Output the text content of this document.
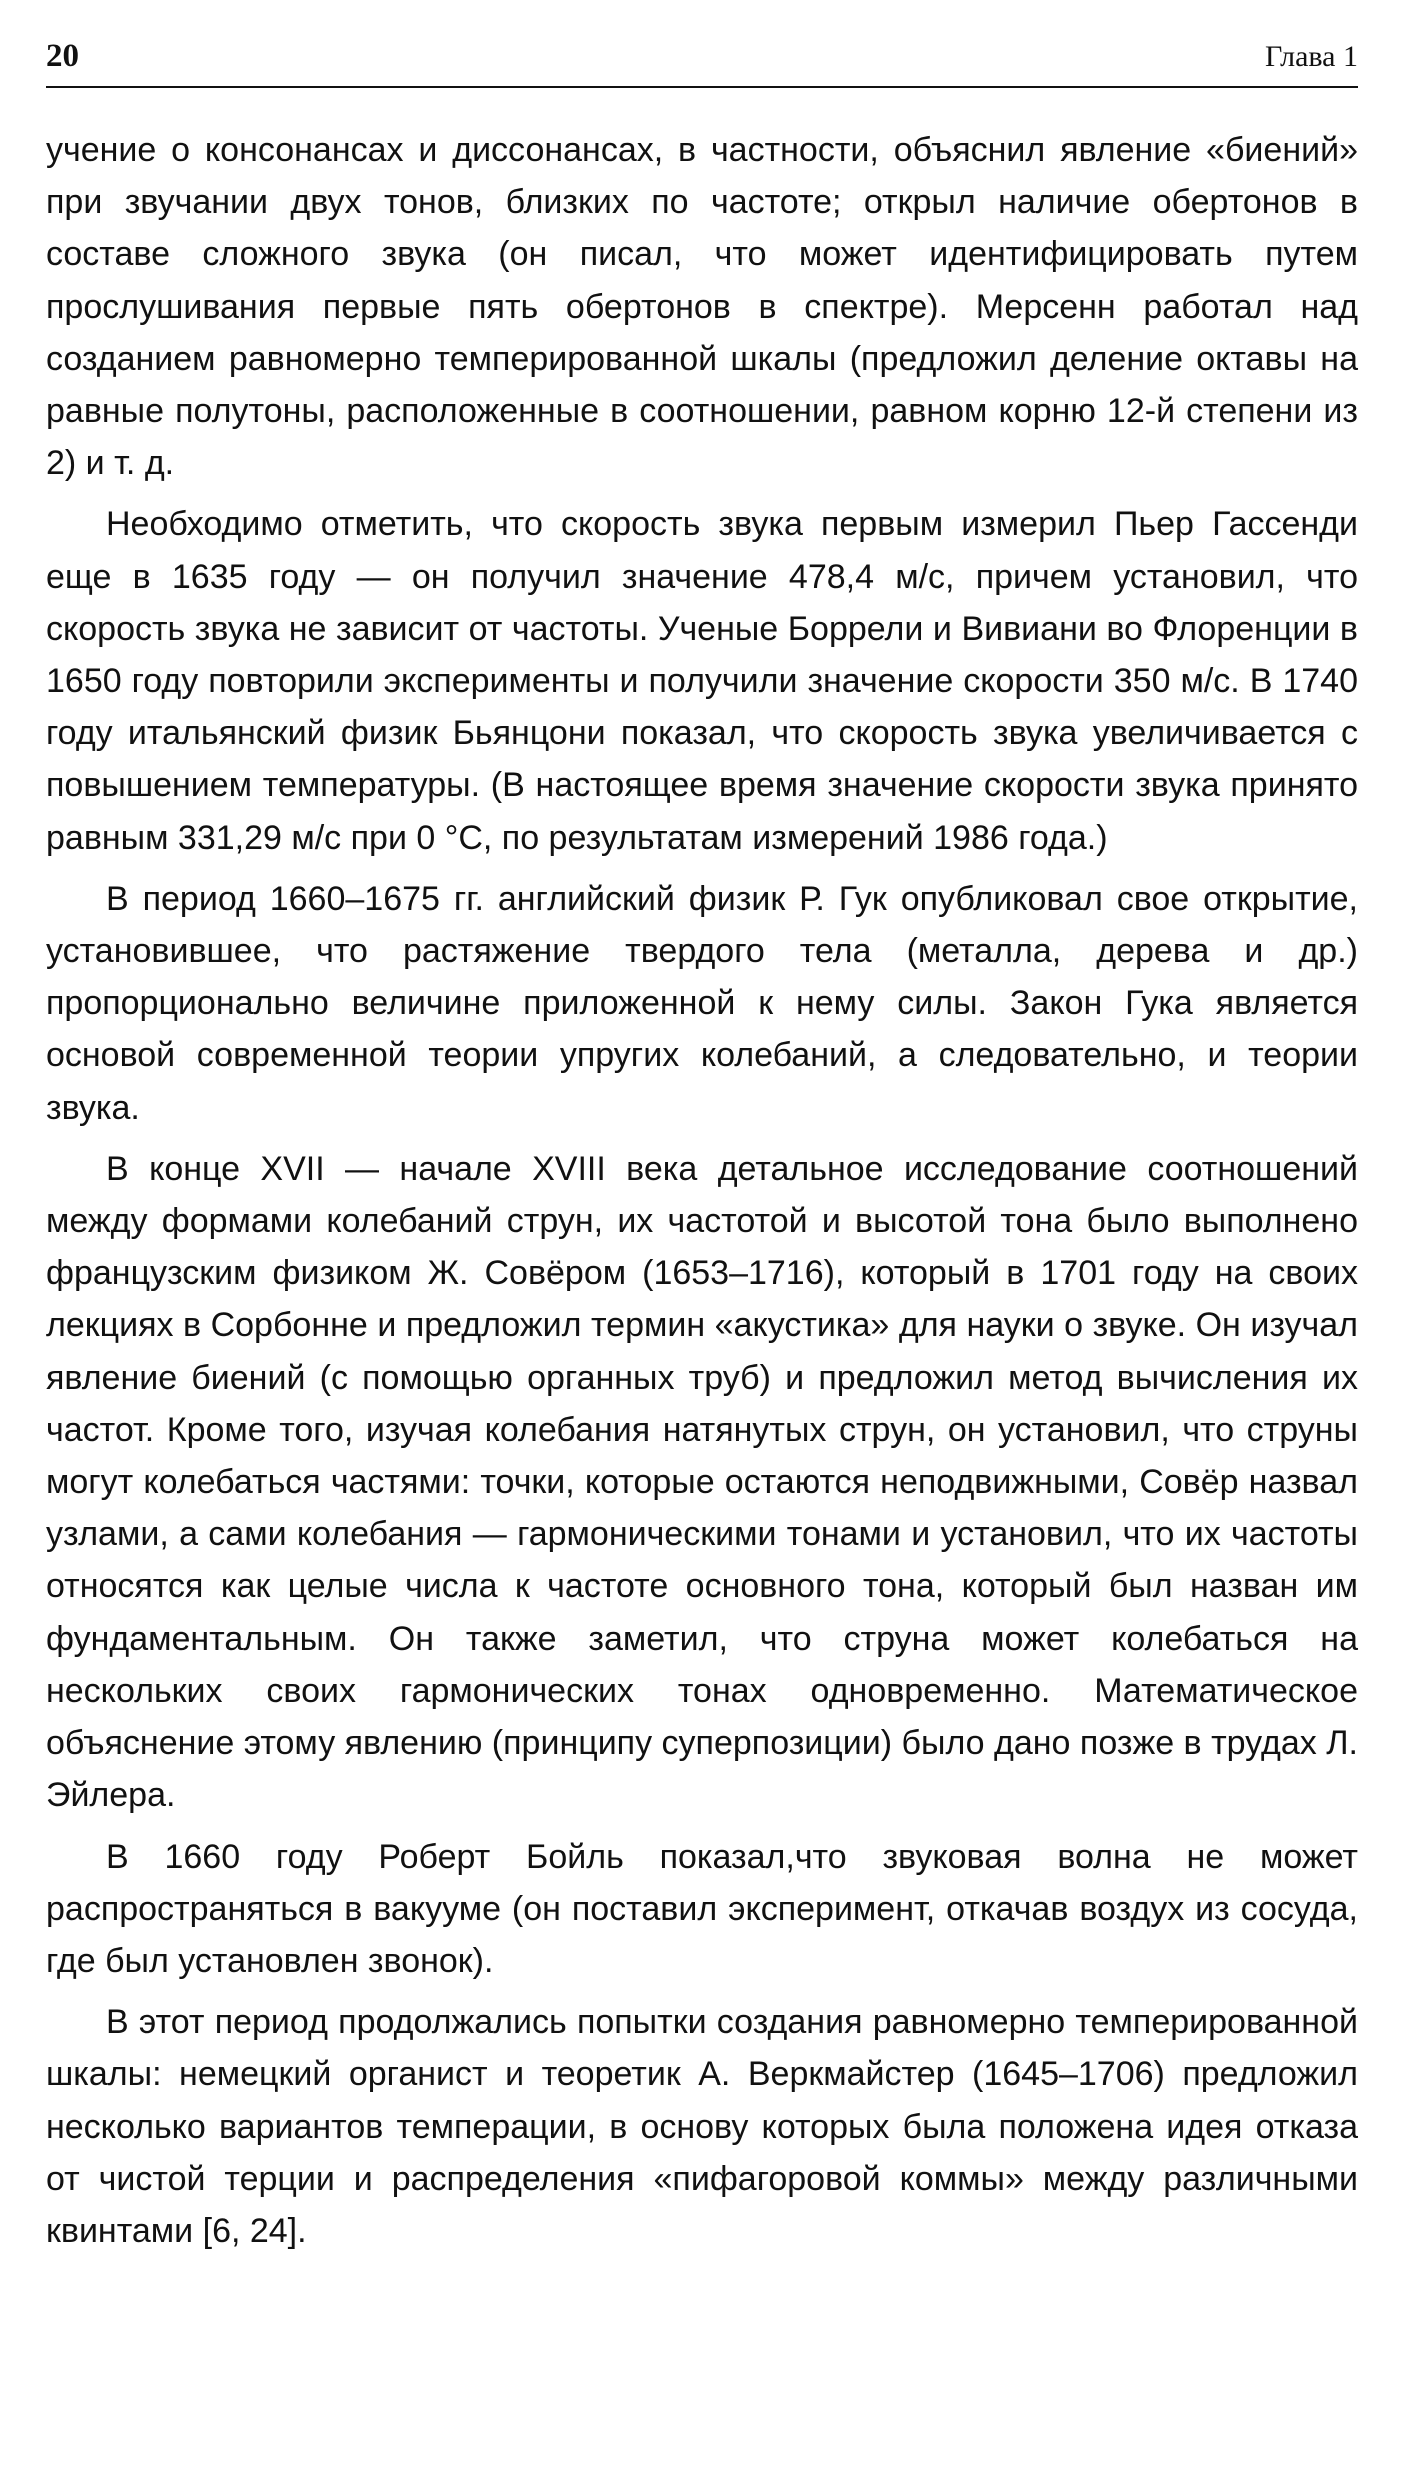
20	Глава 1

учение о консонансах и диссонансах, в частности, объяснил явление «биений» при звучании двух тонов, близких по частоте; открыл наличие обертонов в составе сложного звука (он писал, что может идентифицировать путем прослушивания первые пять обертонов в спектре). Мерсенн работал над созданием равномерно темперированной шкалы (предложил деление октавы на равные полутоны, расположенные в соотношении, равном корню 12-й степени из 2) и т. д.

Необходимо отметить, что скорость звука первым измерил Пьер Гассенди еще в 1635 году — он получил значение 478,4 м/с, причем установил, что скорость звука не зависит от частоты. Ученые Боррели и Вивиани во Флоренции в 1650 году повторили эксперименты и получили значение скорости 350 м/с. В 1740 году итальянский физик Бьянцони показал, что скорость звука увеличивается с повышением температуры. (В настоящее время значение скорости звука принято равным 331,29 м/с при 0 °С, по результатам измерений 1986 года.)

В период 1660–1675 гг. английский физик Р. Гук опубликовал свое открытие, установившее, что растяжение твердого тела (металла, дерева и др.) пропорционально величине приложенной к нему силы. Закон Гука является основой современной теории упругих колебаний, а следовательно, и теории звука.

В конце XVII — начале XVIII века детальное исследование соотношений между формами колебаний струн, их частотой и высотой тона было выполнено французским физиком Ж. Совёром (1653–1716), который в 1701 году на своих лекциях в Сорбонне и предложил термин «акустика» для науки о звуке. Он изучал явление биений (с помощью органных труб) и предложил метод вычисления их частот. Кроме того, изучая колебания натянутых струн, он установил, что струны могут колебаться частями: точки, которые остаются неподвижными, Совёр назвал узлами, а сами колебания — гармоническими тонами и установил, что их частоты относятся как целые числа к частоте основного тона, который был назван им фундаментальным. Он также заметил, что струна может колебаться на нескольких своих гармонических тонах одновременно. Математическое объяснение этому явлению (принципу суперпозиции) было дано позже в трудах Л. Эйлера.

В 1660 году Роберт Бойль показал,что звуковая волна не может распространяться в вакууме (он поставил эксперимент, откачав воздух из сосуда, где был установлен звонок).

В этот период продолжались попытки создания равномерно темперированной шкалы: немецкий органист и теоретик А. Веркмайстер (1645–1706) предложил несколько вариантов темперации, в основу которых была положена идея отказа от чистой терции и распределения «пифагоровой коммы» между различными квинтами [6, 24].
